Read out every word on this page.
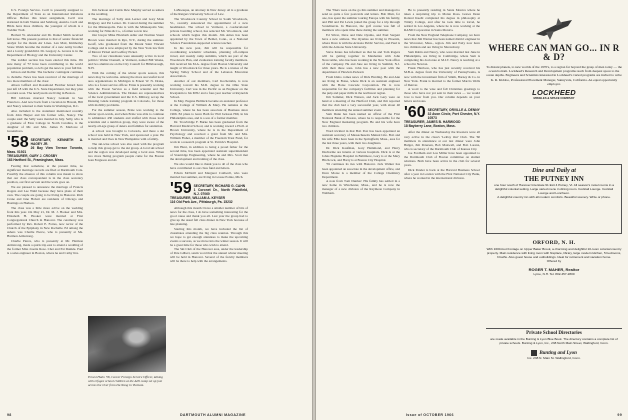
U.S. Foreign Service. Cecil is presently assigned to the Department of State as an International Relations Officer. Before this latest assignment, Cecil was stationed in both Vienna and Salzburg, Austria. Cecil and Hilda have three children, the youngest of whom is a Toddler Troll.

Herbert W. Alexander and Dr. Daniel Smith received full leave. His present position is that of senior financial analyst for the Ozark Air Lines. Lan Mair, Kimberley Stone Walsh became the mother of a new Army brother and a lovely grandchild. Dr. Gregory A. Graves is in the Department of Biology and the University Center.

The toddler section has been elected this time. I'm sure many of '57 have been contributing to the world population problem, so let's get the news to your full list.

Gibson and Rollie: The bachelor contingent continues to dwindle. News has been received of the marriage of two more members of the class:

Alison Gifford and Rosamond Fletcher Izzard have just left 18 with the U.S. State Department, but they plan to return soon. The newlyweds are living in Boston.

Bill Gibbons married Nancy Graham in San Francisco. And now back from a vacation in Hawaii, Bill and Nancy returned to their home in Washington, D.C.

Also included is the statement mentioned recently from John Harper and his former wife, Nancy. The couple said: the Sally were married in July. Sally, who is a graduate of Elon College in North Carolina, is the daughter of Mr. and Mrs. James E. Marlowe of Greensboro.

'58 SECRETARY, KENNETH A. HAGEY JR.
26 Bay View Terrace Toronto, Mass. 01921
TREASURER, GARY J. CROSBY
163 Hartford St., Framingham, Mass.

Fearing that somehow, at the present time, no significant marriage records are filed at Dartmouth Cole. Possibly the absence of this column was meant to show that our class correspondent is in the class secretary position, our first servant and the work goes on.

We are pleased to announce the marriage of Francis Rogers and Lee Wahl because they have plans of their own. The couple are going to be living in Hanover. Rich Crane and Jane Hobart are residents of Chicago and Hastings on Hudson.

The class was a little more active on the wedding front this year. On May 21, Dr. M. J. Hooker and Mrs. Elizabeth H. Hooker were married at First Congregational Church in Hanover. The ceremony was performed by Rev. Robert E. Fortes, now rector of the Church of the Epiphany in New Rochelle. Ed among the ushers was Charlie Pierce, who is presently at Ms. Harmon Armstrong.

Charlie Pierce, who is presently at Mr. Harmon Armstrong, made a quick trip east to attend a wedding of the former Miss Josette Rose. Chet and Pat Dunkle. Paul is a sales engineer in Boston, where he and Cathy live.

Jim Jackson and Curtis Dew Murphy served as ushers at the wedding.

The marriage of Sally Ann Lerner and Gary Mole Ridgway and Pat Lerner. Dr. Conrad during the summer for the Minneapolis. Pete is with the Minneapolis Star, working for Niles & Co., a former son in law.

Our lawyer Mike Elizabeth Adler and Norman Stuart Brown were married in Rye, N.Y., during the summer. Geoff, who graduated from the Mount Saint Vincent College and is now employed by the New York law firm of Mercer Pickel and Godfrey Pickel.

Two of our classmates were unusually active in local politics: Walter Donnell, at Vermont, named Bill Weeks, and two alumni are on the City Council for Hillsborough, N.H.

With the coming of the winter sports season, this news may be welcome. Among the more successful local area organizations in Michigan is Ernest W. N. Drake, who is a forest service officer. Ernie is presently working with the Forest Service as a field scientist and Ski Science Administration. The Drakes are representatives of the local government and the U.S. Military, set up the Dunsing Glade training program in Colorado, for those with mobility problems.

For the summer season, Ernie was working to the winter sport-wards, and when Ernie was able to continue to administer 430 students and staffed with those local scientists and a nutrition group, they were aware of the nearly-all-age group of skiers and families for sanitation.

A school was brought to Colorado, and there a ski school was held in New York, and sponsored a year. He is married and lives in New Hampshire with a family.

The ski-wise school was also used with the program to help this group get to the ski group. A local ski school and the region was developed using a local area. When two more Skiing program people came for the Boston Jean Ferguson and Al.

Ernest Hahn '58, Career Foreign Service Officer, talking with refugee school children at the AID camp set up just across the river from Da Nang in Vietnam.

LaBoeuque, an attorney in New Jersey. Al is a graduate of the Rutgers University School of Law.

The Woodstock Country School in South Woodstock, Vt., recently announced the appointment of a new headmaster. The school in Vermont, a coeducational private boarding school, has selected Mr. Woodstock, and schools which begins this month. Jim Ames has been appointed by the Town of Bethel, Conn., as a National Science Foundation-supported science teacher.

In his new post, Jim will be responsible for coordinating academic schedules, planning off-campus travel, and weekly camp summits, which are part of the Woodstock Plan, and evaluation training faculty members. Jim received his M.A. degree from Boston University and taught at Woodstock for three years. He is a trustee of the Spring Valley School and of the Lebanon Education Association.

Another of our members, Carl Kochertahn, is now working toward his M.D. degree in the Ohio State University. Carl was in the Pacific as an Engineer on the Kwajalein to his MSU and a four-year teacher at Reynolds School.

In May, Eugene Helmick became an assistant professor at the College of William & Mary. He remains at the College, where he has been associate of Business since 1966. Ed plans to leave Bath for Phil Jackson Hill, in his Philadelphia area, and is a son of a former member.

Dr. Trowbridge F. Burke has been graduated from the Harvard Medical School, and is working toward a Ph.D. at Brown University, where he is in the Department of Psychology and received a grant from Mr. and Mrs. William Fisher, a member of the Freedom Trust Fund, for work in a research program at St. Patrick's Hospital.

Jim Hunt, in addition to being a proud father for the second time, has been appointed assistant superintendent of Stoutridge Engineering, where he and Mrs. Scott met the development and training of the class.

We also would like to thank you to all of the class who have contributed to our class fund and letters.

Edwin McNeill and Margaret Caldwell, who were married last summer, are living in Grosse Pointe, Mich.

'59 SECRETARY, RICHARD G. CAHN
1 Coronet Dr., North Plainfield, N.J. 07060
TREASURER, WILLIAM A. KEYSER
116 Old Park Ave., Pittsburgh, Pa. 15232

Although this month I have a smaller number of bits of news for the class, I do have something interesting for the good cause and thank you all. Last year the group had to give up the usual fall class dinner in New York because of late planning.

Starting this month, we have included the list of classmates attending the big class reunion. Through this we hope to get enough attendees to make the upcoming events a success, as we move into the winter season. It will be a great time for those who wish to attend.

The Ski Club of the Hanover area, under the leadership of Pete Gilbert, sends word that the annual winter meeting will be held in Hanover. Several of the faculty members will be there to help with the arrangements.

98	DARTMOUTH ALUMNI MAGAZINE

The '59ers were on the go this summer and managed to send us quite a few postcards and letters. Bob Muir, for one, has spent the summer touring Europe with his family, and Phil and Pat Lewis joined the group for a trip through Scandinavia. In Hanover, the golf course was full of members who spent time there during the summer.

Ed Silver, Dave and Dale Oyama, and Paul Sargent have a new address. The Oyamas are living in Phoenix, where Dave is with the Arizona Public Service, and Paul is with the Arizona State University.

Steve Kraus has informed us that he and Tom Rogers will be getting together in Manhattan with John Newcombe, who has been working in the New York office of the company. He and Jane are living in Summit, N.J. with their three sons. John has a new post with the department of Hewlett-Packard.

From Idaho comes news of Dick Harding. He and Ann are living in Boise, where Dick is an assistant engineer with the Boise Cascade Corporation. He is now responsible for the company's facilities and planning for the pulp and paper mills in the northwest region.

Jim Sommer, Dick Watson, and Jack Gary were on hand at a meeting of the Hartford Club, and Jim reported that the club had a very successful year, with about 40 members attending the annual summer event.

Sam Dunn has been named an officer of the First National Bank of Boston, where he is responsible for the New England marketing program. He and his wife have two children.

Word trickled in that Bob Post has been appointed an assistant secretary of Massachusetts Mutual Life. Bob and his wife Ellie have been in the Springfield, Mass., area for the last three years, with their two daughters.

Dr. Dick Kaufman, Gary Hammond, and Harry Ducharme are interns at various hospitals. Dick is at the Johns Hopkins Hospital in Baltimore, Gary is at the Mary Hitchcock, and Harry is at Boston City Hospital.

'59 continues its ties with Hanover. Jack Walker has been appointed an associate in the development office, and Dave Morse is a member of the College Chemistry Department.

A note from Tom Dunbar: His family has settled in a new home in Winchester, Mass., and he is now the manager of a new division of the Raytheon Company in Waltham.

He is presently residing in Santa Monica where he takes a surprising trip to Monte Rosa. Grewe Dean Roland Kuehl completed his degree in philosophy at Trinity College, and after he took time to travel, he settled in Los Angeles, where he is now working at the RAND Corporation in Santa Monica.

From the New England Telephone Company, we have news that Jim Warner has been named district engineer in the Worcester, Mass., region. Jim and Patty now have two children and are living in Shrewsbury.

Sam Rabin and Nancy, who were married last June in Philadelphia, are living in Cambridge, where Sam is completing his doctorate at M.I.T. Nancy is teaching at a school in Newton.

Frank Harrison, who has just recently received his M.B.A. degree from the University of Pennsylvania, is now with the investment firm of Smith, Barney & Co. in New York. Frank is married to the former Marcia Wells of Denver.

A word to the wise and fall Christmas greetings to those who have not yet sent in their news — we would love to hear from you. Our column depends on your letters and notes.

'60 SECRETARY, ORVILLE A. DENNY
32 Avon Circle, Port Chester, N.Y. 10573
TREASURER, JAMES B. HARWOOD
18 Bayberry Lane, Boston, Mass.

After the dinner on Wednesday the Roosters were all very active in the class's 'LeRoy Out' Club. The '60 members in attendance at our last dinner were John Bulger, Jim Petersen, Bob Maxwell, and Bob Lorenz, who is secretary of the Dartmouth Club of Kansas City.

Joe Fordham and Lou Miller have been appointed to the Dartmouth Club of Boston committee on alumni relations. Both have been active in the club for several years.

Dick Pender is back at the Harvard Business School after a year in London with the First National City Bank, where he worked in the international division.

WHERE CAN MAN GO... IN R & D?
To distant planets, to new worlds of the 1970's, to a region far beyond the grasp of men today — the ocean bottom. Lockheed's Research and Development programs reach from deepest space to the ocean depths. Engineers and Scientists interested in Lockheed's varied programs are invited to write K. R. Kiddoo, Professional Placement Manager, Sunnyvale, California. An equal opportunity employer.
LOCKHEED
MISSILES & SPACE COMPANY
Dine and Daily at
THE PUTNEY INN
one hour south of Hanover Interstate 91 Exit 4 Putney, Vt. All season's motel rooms in a delightful colonial setting. Large varied menu in dining room. Cocktail Lounge. Cocktail Lounge and Luncheon.
A delightful country inn with all modern comforts. Beautiful scenery. Write or phone.
ORFORD, N. H.
With 1600-foot frontage on Upper Baker Brook, a charming and delightful 10-room colonial country property. Main residence with living room with fireplace, library, large modern kitchen, 5 bedrooms, 3 baths. Also guest house and outbuildings. Ideal for retirement and vacation home.
Offered by
ROGER T. MAHER, Realtor
Lyme, N.H. Tel. 802-457-2800
Private School Directories
are made available in the Bunting & Lyon Blue Book. The directory contains a complete list of private schools. Bunting & Lyon, Inc., 238 North Main Street, Wallingford, Conn.
Bunting and Lyon
Inc. 238 N. Main St. Wallingford, Conn.
Issue of OCTOBER 1966	99
